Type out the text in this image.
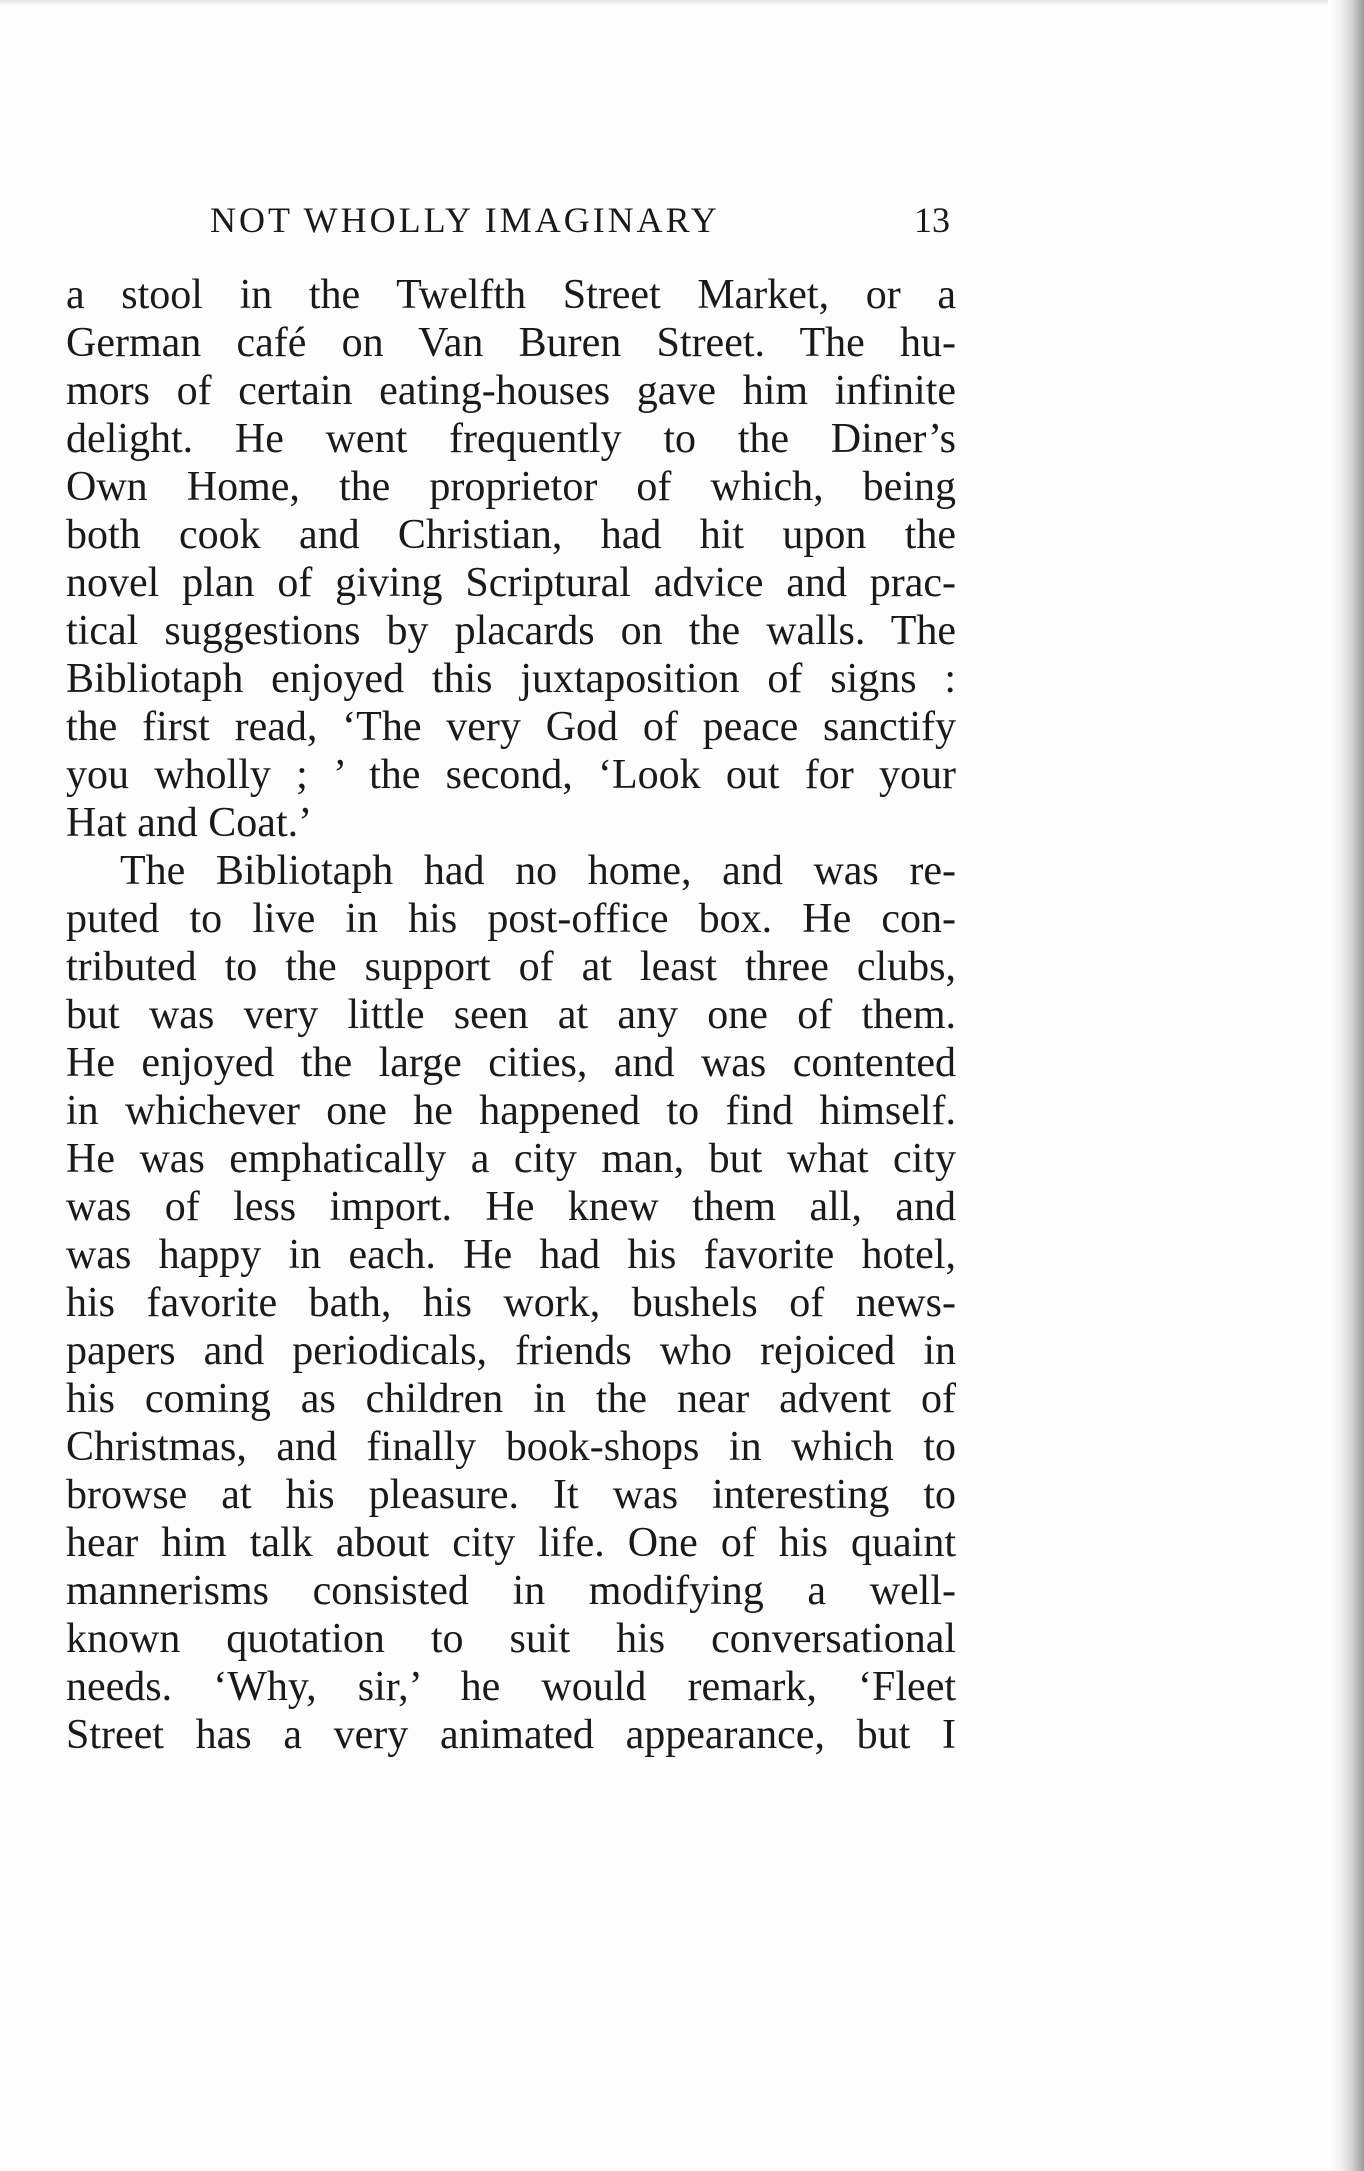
NOT WHOLLY IMAGINARY	13
a stool in the Twelfth Street Market, or a
German café on Van Buren Street. The hu-
mors of certain eating-houses gave him infinite
delight. He went frequently to the Diner’s
Own Home, the proprietor of which, being
both cook and Christian, had hit upon the
novel plan of giving Scriptural advice and prac-
tical suggestions by placards on the walls. The
Bibliotaph enjoyed this juxtaposition of signs :
the first read, ‘The very God of peace sanctify
you wholly ; ’ the second, ‘Look out for your
Hat and Coat.’
The Bibliotaph had no home, and was re-
puted to live in his post-office box. He con-
tributed to the support of at least three clubs,
but was very little seen at any one of them.
He enjoyed the large cities, and was contented
in whichever one he happened to find himself.
He was emphatically a city man, but what city
was of less import. He knew them all, and
was happy in each. He had his favorite hotel,
his favorite bath, his work, bushels of news-
papers and periodicals, friends who rejoiced in
his coming as children in the near advent of
Christmas, and finally book-shops in which to
browse at his pleasure. It was interesting to
hear him talk about city life. One of his quaint
mannerisms consisted in modifying a well-
known quotation to suit his conversational
needs. ‘Why, sir,’ he would remark, ‘Fleet
Street has a very animated appearance, but I
